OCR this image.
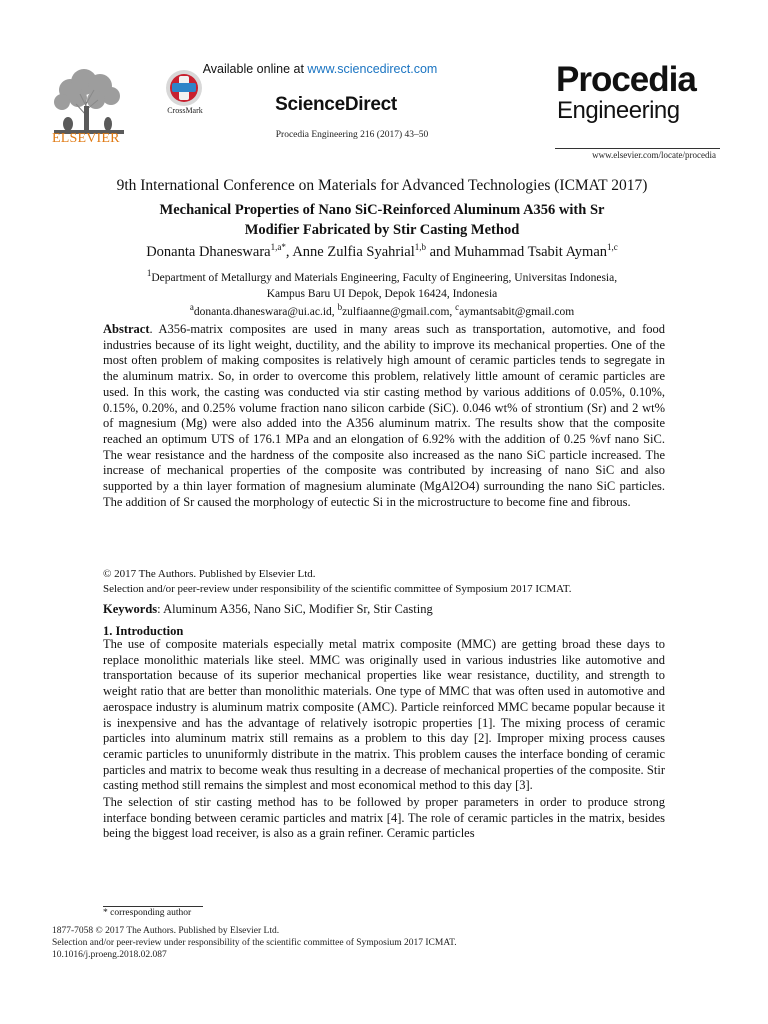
ELSEVIER
CrossMark
Available online at www.sciencedirect.com
ScienceDirect
Procedia Engineering 216 (2017) 43–50
Procedia
Engineering
www.elsevier.com/locate/procedia
9th International Conference on Materials for Advanced Technologies (ICMAT 2017)
Mechanical Properties of Nano SiC-Reinforced Aluminum A356 with Sr
Modifier Fabricated by Stir Casting Method
Donanta Dhaneswara$^{1,a*}$, Anne Zulfia Syahrial$^{1,b}$ and Muhammad Tsabit Ayman$^{1,c}$
$^1$Department of Metallurgy and Materials Engineering, Faculty of Engineering, Universitas Indonesia,
Kampus Baru UI Depok, Depok 16424, Indonesia
$^a$donanta.dhaneswara@ui.ac.id, $^b$zulfiaanne@gmail.com, $^c$aymantsabit@gmail.com
Abstract. A356-matrix composites are used in many areas such as transportation, automotive, and food industries because of its light weight, ductility, and the ability to improve its mechanical properties. One of the most often problem of making composites is relatively high amount of ceramic particles tends to segregate in the aluminum matrix. So, in order to overcome this problem, relatively little amount of ceramic particles are used. In this work, the casting was conducted via stir casting method by various additions of 0.05%, 0.10%, 0.15%, 0.20%, and 0.25% volume fraction nano silicon carbide (SiC). 0.046 wt% of strontium (Sr) and 2 wt% of magnesium (Mg) were also added into the A356 aluminum matrix. The results show that the composite reached an optimum UTS of 176.1 MPa and an elongation of 6.92% with the addition of 0.25 %vf nano SiC. The wear resistance and the hardness of the composite also increased as the nano SiC particle increased. The increase of mechanical properties of the composite was contributed by increasing of nano SiC and also supported by a thin layer formation of magnesium aluminate (MgAl2O4) surrounding the nano SiC particles. The addition of Sr caused the morphology of eutectic Si in the microstructure to become fine and fibrous.
© 2017 The Authors. Published by Elsevier Ltd.
Selection and/or peer-review under responsibility of the scientific committee of Symposium 2017 ICMAT.
Keywords: Aluminum A356, Nano SiC, Modifier Sr, Stir Casting
1. Introduction

The use of composite materials especially metal matrix composite (MMC) are getting broad these days to replace monolithic materials like steel. MMC was originally used in various industries like automotive and transportation because of its superior mechanical properties like wear resistance, ductility, and strength to weight ratio that are better than monolithic materials. One type of MMC that was often used in automotive and aerospace industry is aluminum matrix composite (AMC). Particle reinforced MMC became popular because it is inexpensive and has the advantage of relatively isotropic properties [1]. The mixing process of ceramic particles into aluminum matrix still remains as a problem to this day [2]. Improper mixing process causes ceramic particles to ununiformly distribute in the matrix. This problem causes the interface bonding of ceramic particles and matrix to become weak thus resulting in a decrease of mechanical properties of the composite. Stir casting method still remains the simplest and most economical method to this day [3].

The selection of stir casting method has to be followed by proper parameters in order to produce strong interface bonding between ceramic particles and matrix [4]. The role of ceramic particles in the matrix, besides being the biggest load receiver, is also as a grain refiner. Ceramic particles

* corresponding author
1877-7058 © 2017 The Authors. Published by Elsevier Ltd.
Selection and/or peer-review under responsibility of the scientific committee of Symposium 2017 ICMAT.
10.1016/j.proeng.2018.02.087
